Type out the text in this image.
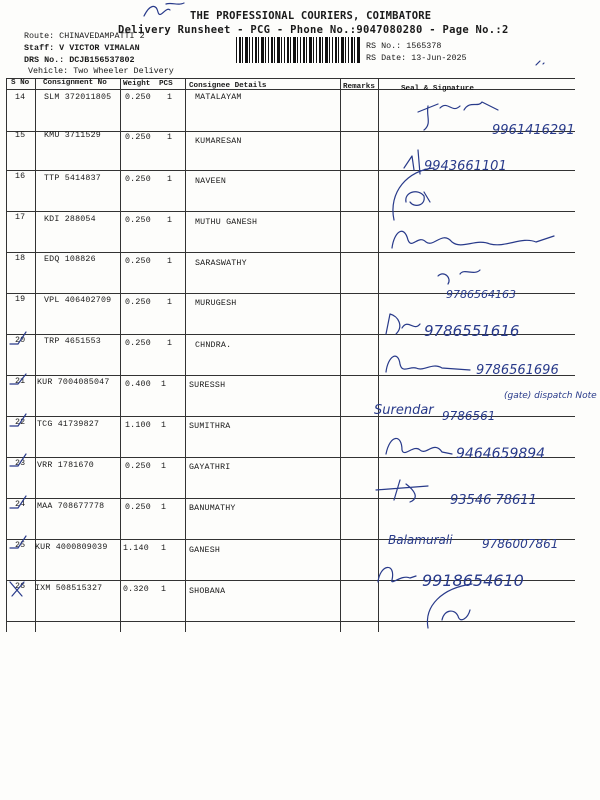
THE PROFESSIONAL COURIERS, COIMBATORE
Delivery Runsheet - PCG - Phone No.:9047080280 - Page No.:2
Route: CHINAVEDAMPATTI 2
Staff: V VICTOR VIMALAN
DRS No.: DCJB156537802
Vehicle: Two Wheeler Delivery
RS No.: 1565378
RS Date: 13-Jun-2025
S No Consignment No Weight PCS Consignee Details	Remarks	Seal & Signature
14 SLM 372011805 0.250 1	MATALAYAM
15 KMU 3711529	0.250 1	KUMARESAN
16 TTP 5414837	0.250 1	NAVEEN
17 KDI 288054	0.250 1	MUTHU GANESH
18 EDQ 108826	0.250 1	SARASWATHY
19 VPL 406402709 0.250 1	MURUGESH
20 TRP 4651553	0.250 1	CHNDRA.
21 KUR 7004085047 0.400 1	SURESSH
22 TCG 41739827	1.100 1	SUMITHRA
23 VRR 1781670	0.250 1	GAYATHRI
24 MAA 708677778 0.250 1	BANUMATHY
25 KUR 4000809039 1.140 1	GANESH
26 IXM 508515327 0.320 1	SHOBANA
9961416291
9943661101
9786564163
9786551616
9786561696
Surendar 9786561
(gate) dispatch Note
9464659894
93546 78611
Balamurali 9786007861
9918654610
